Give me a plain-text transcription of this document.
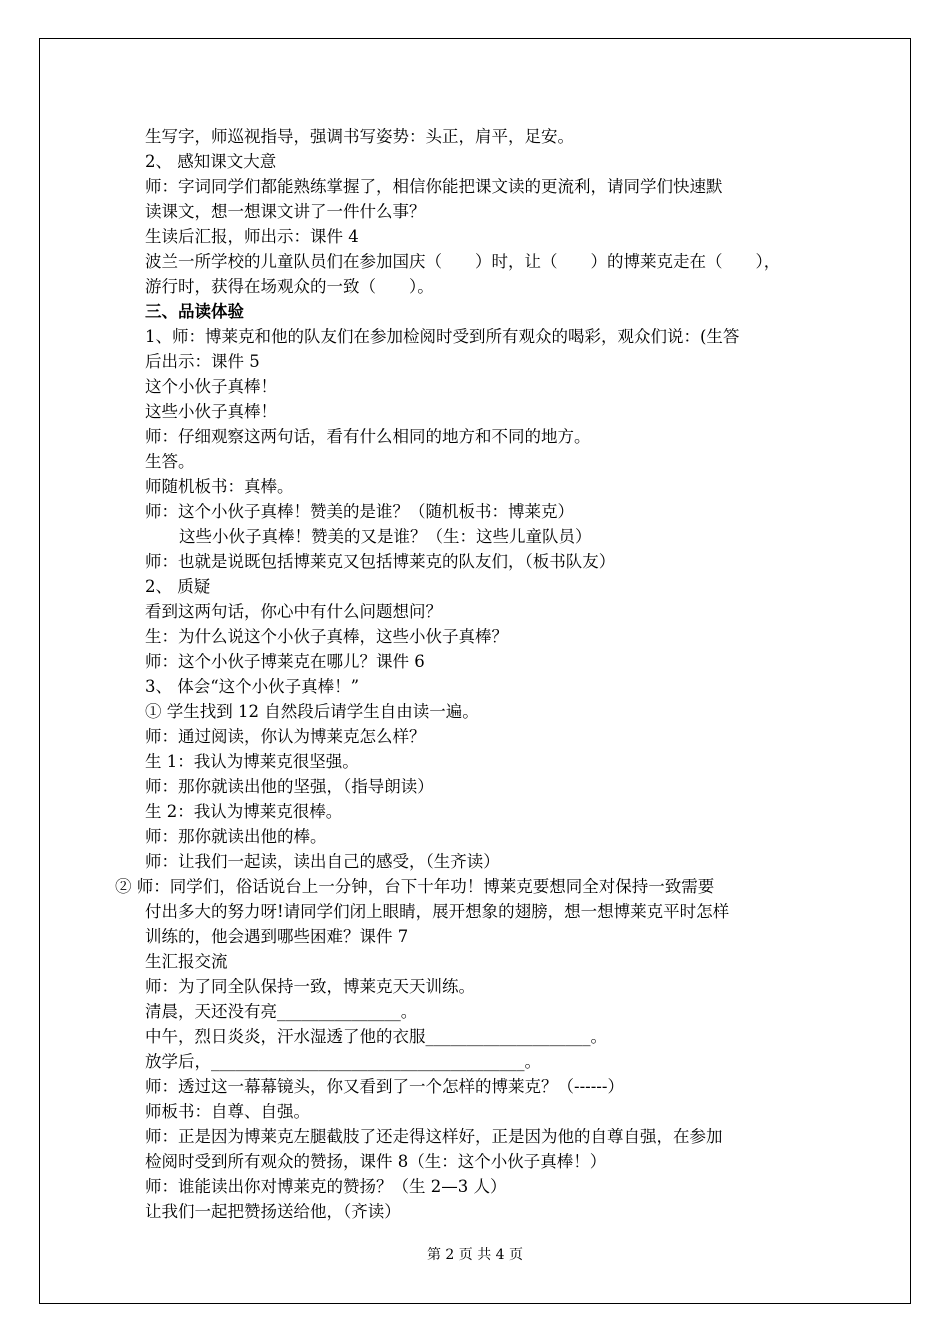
生写字，师巡视指导，强调书写姿势：头正，肩平，足安。
2、 感知课文大意
师：字词同学们都能熟练掌握了，相信你能把课文读的更流利，请同学们快速默
读课文，想一想课文讲了一件什么事？
生读后汇报，师出示：课件 4
波兰一所学校的儿童队员们在参加国庆（　　）时，让（　　）的博莱克走在（　　），
游行时，获得在场观众的一致（　　）。
三、品读体验
1、师：博莱克和他的队友们在参加检阅时受到所有观众的喝彩，观众们说：(生答
后出示：课件 5
这个小伙子真棒！
这些小伙子真棒！
师：仔细观察这两句话，看有什么相同的地方和不同的地方。
生答。
师随机板书：真棒。
师：这个小伙子真棒！赞美的是谁？（随机板书：博莱克）
这些小伙子真棒！赞美的又是谁？（生：这些儿童队员）
师：也就是说既包括博莱克又包括博莱克的队友们，（板书队友）
2、 质疑
看到这两句话，你心中有什么问题想问？
生：为什么说这个小伙子真棒，这些小伙子真棒？
师：这个小伙子博莱克在哪儿？课件 6
3、 体会“这个小伙子真棒！”
① 学生找到 12 自然段后请学生自由读一遍。
师：通过阅读，你认为博莱克怎么样？
生 1：我认为博莱克很坚强。
师：那你就读出他的坚强，（指导朗读）
生 2：我认为博莱克很棒。
师：那你就读出他的棒。
师：让我们一起读，读出自己的感受，（生齐读）
② 师：同学们，俗话说台上一分钟，台下十年功！博莱克要想同全对保持一致需要
付出多大的努力呀!请同学们闭上眼睛，展开想象的翅膀，想一想博莱克平时怎样
训练的，他会遇到哪些困难？课件 7
生汇报交流
师：为了同全队保持一致，博莱克天天训练。
清晨，天还没有亮_______________。
中午，烈日炎炎，汗水湿透了他的衣服____________________。
放学后，______________________________________。
师：透过这一幕幕镜头，你又看到了一个怎样的博莱克？（------）
师板书：自尊、自强。
师：正是因为博莱克左腿截肢了还走得这样好，正是因为他的自尊自强，在参加
检阅时受到所有观众的赞扬，课件 8（生：这个小伙子真棒！）
师：谁能读出你对博莱克的赞扬？（生 2—3 人）
让我们一起把赞扬送给他，（齐读）
第 2 页 共 4 页
